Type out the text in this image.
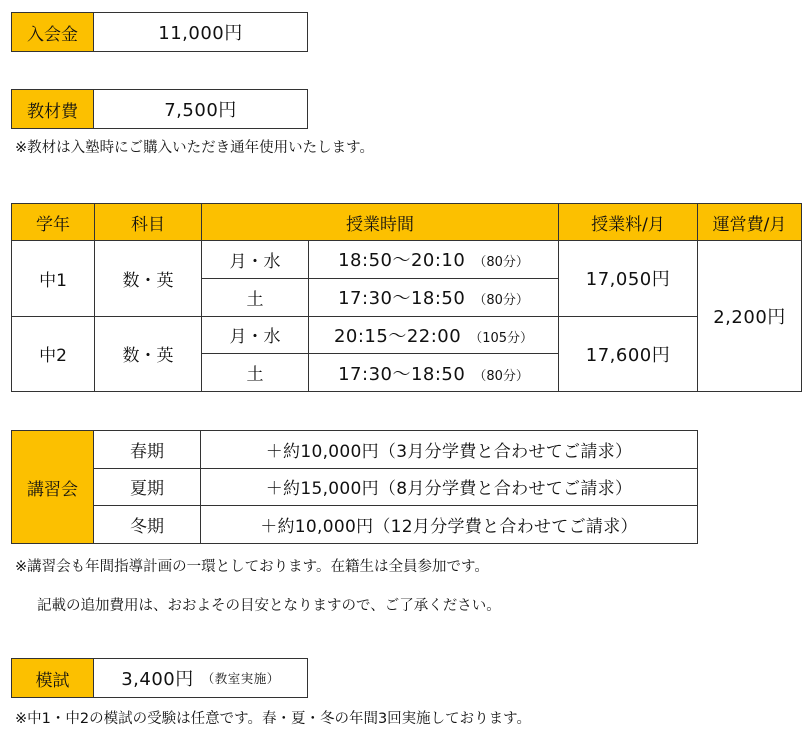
入会金	11,000円
教材費	7,500円
※教材は入塾時にご購入いただき通年使用いたします。
学年	科目	授業時間		授業料/月	運営費/月
中1	数・英	月・水	18:50～20:10 （80分）	17,050円	2,200円
		土	17:30～18:50 （80分）		
中2	数・英	月・水	20:15～22:00 （105分）	17,600円	
		土	17:30～18:50 （80分）		
講習会	春期	＋約10,000円（3月分学費と合わせてご請求）
	夏期	＋約15,000円（8月分学費と合わせてご請求）
	冬期	＋約10,000円（12月分学費と合わせてご請求）
※講習会も年間指導計画の一環としております。在籍生は全員参加です。
記載の追加費用は、おおよその目安となりますので、ご了承ください。
模試	3,400円 （教室実施）
※中1・中2の模試の受験は任意です。春・夏・冬の年間3回実施しております。
